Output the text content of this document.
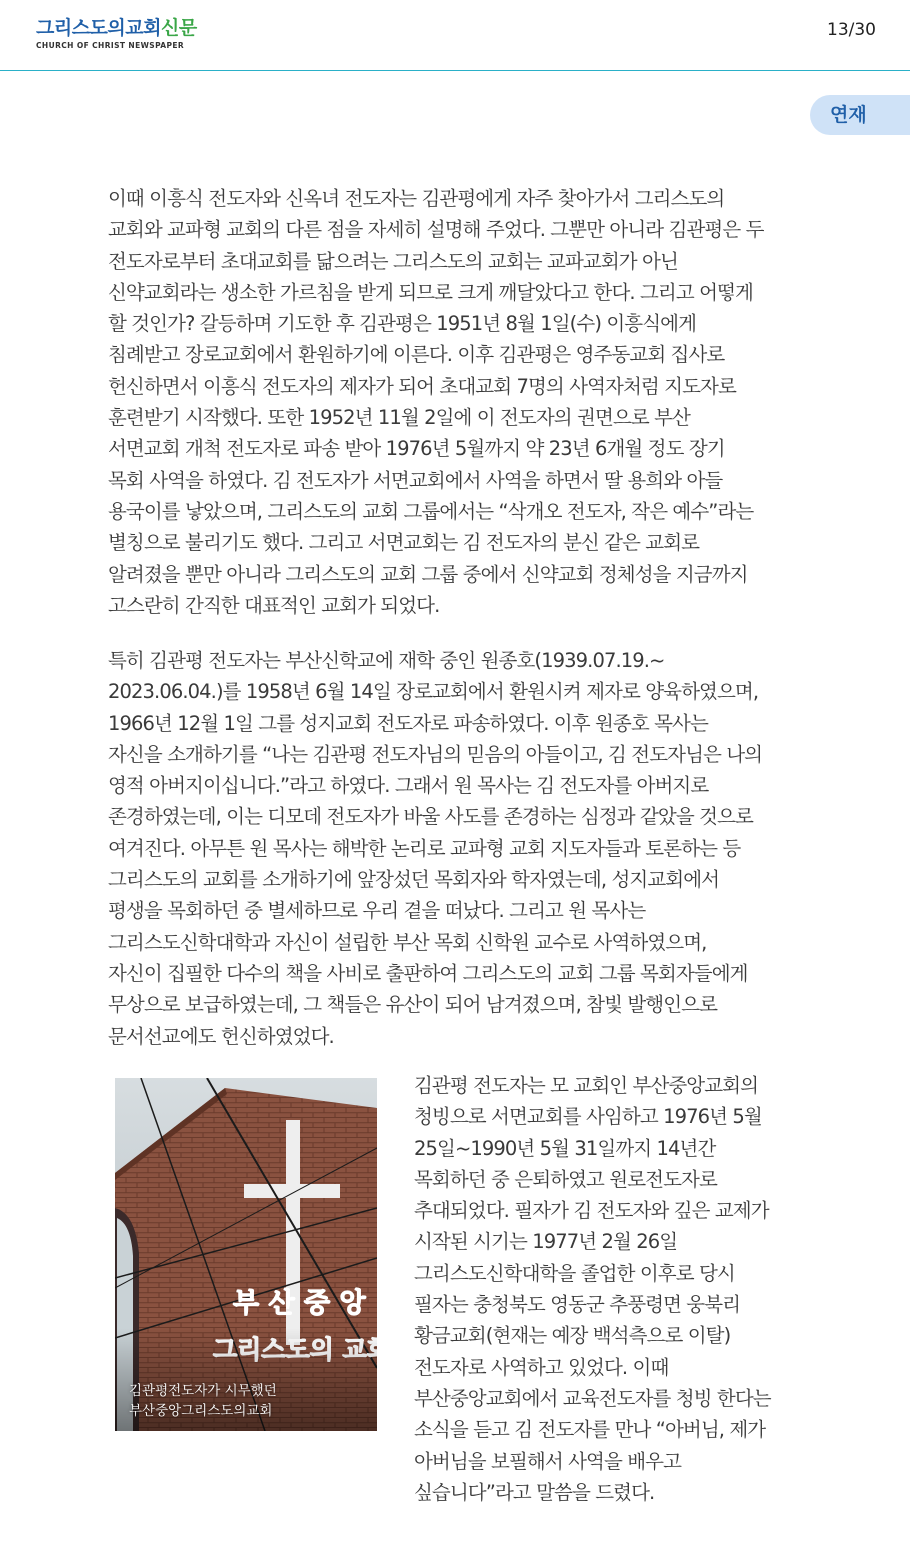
그리스도의교회신문
CHURCH OF CHRIST NEWSPAPER
13/30
연재
이때 이흥식 전도자와 신옥녀 전도자는 김관평에게 자주 찾아가서 그리스도의
교회와 교파형 교회의 다른 점을 자세히 설명해 주었다. 그뿐만 아니라 김관평은 두
전도자로부터 초대교회를 닮으려는 그리스도의 교회는 교파교회가 아닌
신약교회라는 생소한 가르침을 받게 되므로 크게 깨달았다고 한다. 그리고 어떻게
할 것인가? 갈등하며 기도한 후 김관평은 1951년 8월 1일(수) 이흥식에게
침례받고 장로교회에서 환원하기에 이른다. 이후 김관평은 영주동교회 집사로
헌신하면서 이흥식 전도자의 제자가 되어 초대교회 7명의 사역자처럼 지도자로
훈련받기 시작했다. 또한 1952년 11월 2일에 이 전도자의 권면으로 부산
서면교회 개척 전도자로 파송 받아 1976년 5월까지 약 23년 6개월 정도 장기
목회 사역을 하였다. 김 전도자가 서면교회에서 사역을 하면서 딸 용희와 아들
용국이를 낳았으며, 그리스도의 교회 그룹에서는 “삭개오 전도자, 작은 예수”라는
별칭으로 불리기도 했다. 그리고 서면교회는 김 전도자의 분신 같은 교회로
알려졌을 뿐만 아니라 그리스도의 교회 그룹 중에서 신약교회 정체성을 지금까지
고스란히 간직한 대표적인 교회가 되었다.
특히 김관평 전도자는 부산신학교에 재학 중인 원종호(1939.07.19.~
2023.06.04.)를 1958년 6월 14일 장로교회에서 환원시켜 제자로 양육하였으며,
1966년 12월 1일 그를 성지교회 전도자로 파송하였다. 이후 원종호 목사는
자신을 소개하기를 “나는 김관평 전도자님의 믿음의 아들이고, 김 전도자님은 나의
영적 아버지이십니다.”라고 하였다. 그래서 원 목사는 김 전도자를 아버지로
존경하였는데, 이는 디모데 전도자가 바울 사도를 존경하는 심정과 같았을 것으로
여겨진다. 아무튼 원 목사는 해박한 논리로 교파형 교회 지도자들과 토론하는 등
그리스도의 교회를 소개하기에 앞장섰던 목회자와 학자였는데, 성지교회에서
평생을 목회하던 중 별세하므로 우리 곁을 떠났다. 그리고 원 목사는
그리스도신학대학과 자신이 설립한 부산 목회 신학원 교수로 사역하였으며,
자신이 집필한 다수의 책을 사비로 출판하여 그리스도의 교회 그룹 목회자들에게
무상으로 보급하였는데, 그 책들은 유산이 되어 남겨졌으며, 참빛 발행인으로
문서선교에도 헌신하였었다.
부 산 중 앙
김관평전도자가 시무했던
부산중앙그리스도의교회
김관평 전도자는 모 교회인 부산중앙교회의
청빙으로 서면교회를 사임하고 1976년 5월
25일~1990년 5월 31일까지 14년간
목회하던 중 은퇴하였고 원로전도자로
추대되었다. 필자가 김 전도자와 깊은 교제가
시작된 시기는 1977년 2월 26일
그리스도신학대학을 졸업한 이후로 당시
필자는 충청북도 영동군 추풍령면 웅북리
황금교회(현재는 예장 백석측으로 이탈)
전도자로 사역하고 있었다. 이때
부산중앙교회에서 교육전도자를 청빙 한다는
소식을 듣고 김 전도자를 만나 “아버님, 제가
아버님을 보필해서 사역을 배우고
싶습니다”라고 말씀을 드렸다.
